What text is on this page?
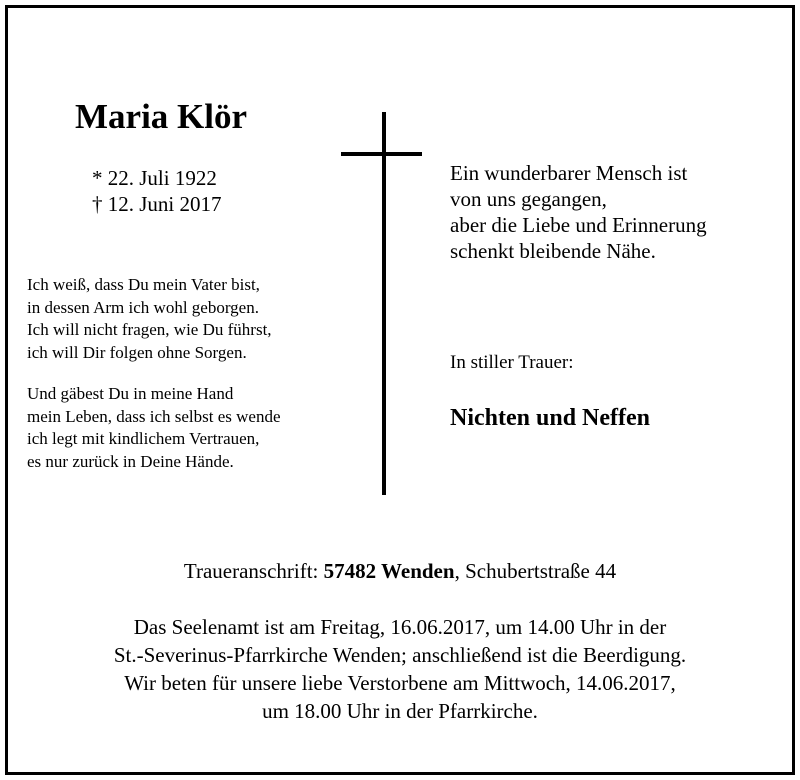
Maria Klör
* 22. Juli 1922
† 12. Juni 2017

Ich weiß, dass Du mein Vater bist,
in dessen Arm ich wohl geborgen.
Ich will nicht fragen, wie Du führst,
ich will Dir folgen ohne Sorgen.

Und gäbest Du in meine Hand
mein Leben, dass ich selbst es wende
ich legt mit kindlichem Vertrauen,
es nur zurück in Deine Hände.

Ein wunderbarer Mensch ist
von uns gegangen,
aber die Liebe und Erinnerung
schenkt bleibende Nähe.
In stiller Trauer:
Nichten und Neffen
Traueranschrift: 57482 Wenden, Schubertstraße 44
Das Seelenamt ist am Freitag, 16.06.2017, um 14.00 Uhr in der
St.-Severinus-Pfarrkirche Wenden; anschließend ist die Beerdigung.
Wir beten für unsere liebe Verstorbene am Mittwoch, 14.06.2017,
um 18.00 Uhr in der Pfarrkirche.
